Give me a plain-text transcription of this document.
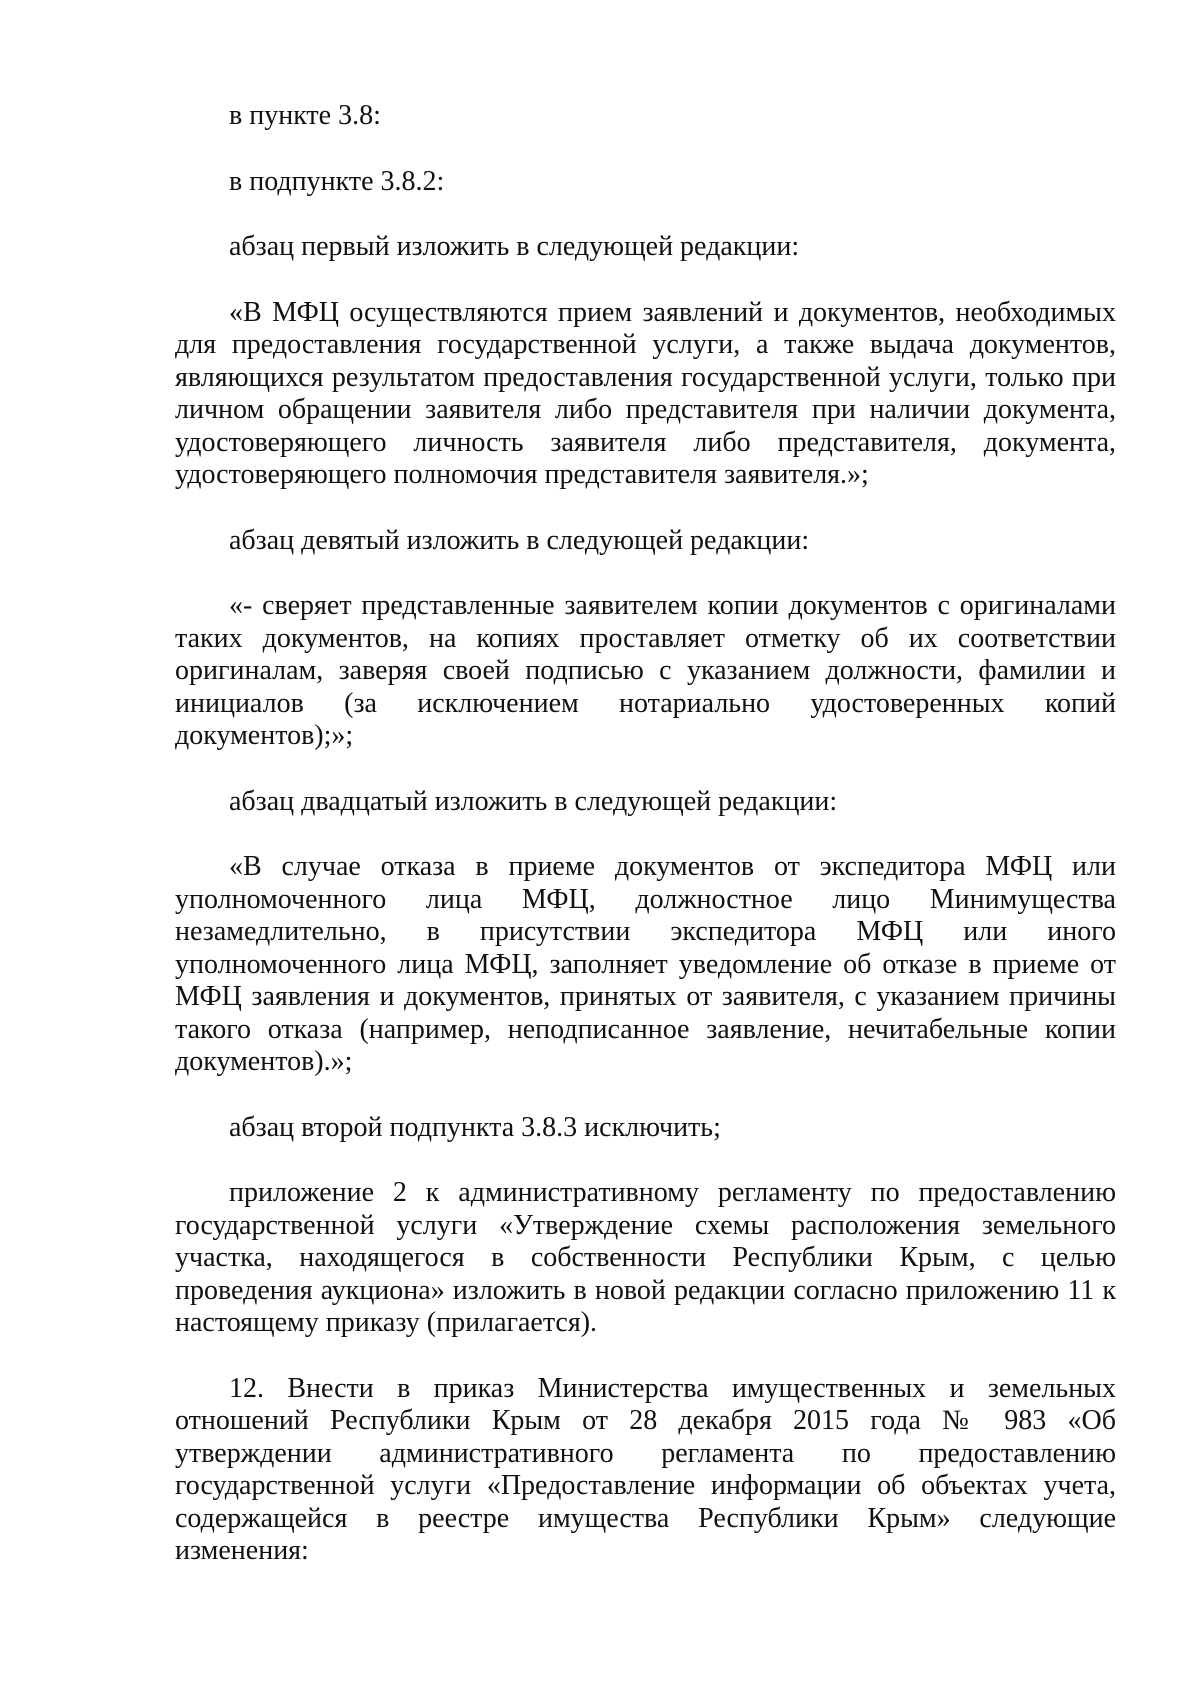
в пункте 3.8:

в подпункте 3.8.2:

абзац первый изложить в следующей редакции:

«В МФЦ осуществляются прием заявлений и документов, необходимых для предоставления государственной услуги, а также выдача документов, являющихся результатом предоставления государственной услуги, только при личном обращении заявителя либо представителя при наличии документа, удостоверяющего личность заявителя либо представителя, документа, удостоверяющего полномочия представителя заявителя.»;

абзац девятый изложить в следующей редакции:

«- сверяет представленные заявителем копии документов с оригиналами таких документов, на копиях проставляет отметку об их соответствии оригиналам, заверяя своей подписью с указанием должности, фамилии и инициалов (за исключением нотариально удостоверенных копий документов);»;

абзац двадцатый изложить в следующей редакции:

«В случае отказа в приеме документов от экспедитора МФЦ или уполномоченного лица МФЦ, должностное лицо Минимущества незамедлительно, в присутствии экспедитора МФЦ или иного уполномоченного лица МФЦ, заполняет уведомление об отказе в приеме от МФЦ заявления и документов, принятых от заявителя, с указанием причины такого отказа (например, неподписанное заявление, нечитабельные копии документов).»;

абзац второй подпункта 3.8.3 исключить;

приложение 2 к административному регламенту по предоставлению государственной услуги «Утверждение схемы расположения земельного участка, находящегося в собственности Республики Крым, с целью проведения аукциона» изложить в новой редакции согласно приложению 11 к настоящему приказу (прилагается).

12. Внести в приказ Министерства имущественных и земельных отношений Республики Крым от 28 декабря 2015 года № 983 «Об утверждении административного регламента по предоставлению государственной услуги «Предоставление информации об объектах учета, содержащейся в реестре имущества Республики Крым» следующие изменения:
